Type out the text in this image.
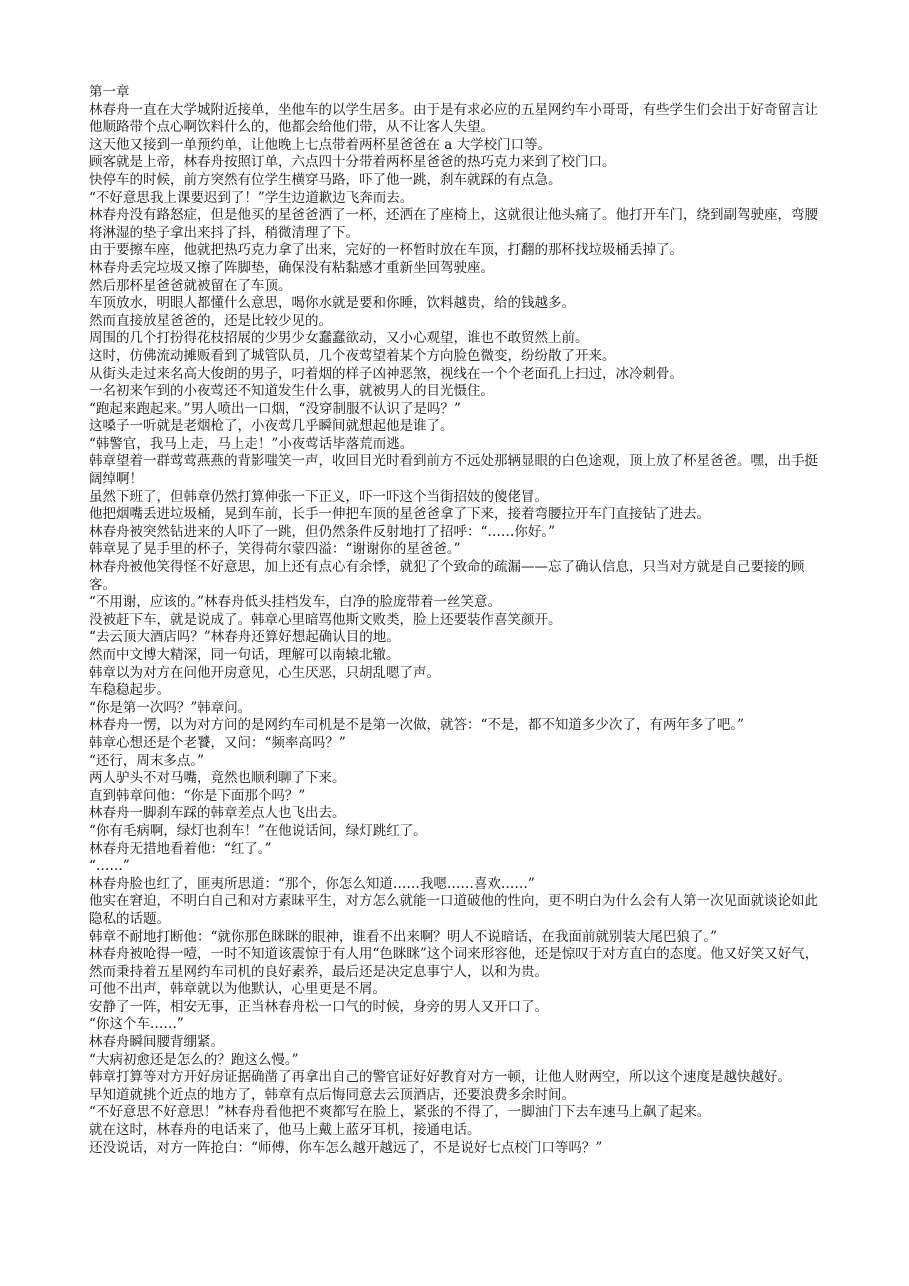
第一章

林春舟一直在大学城附近接单，坐他车的以学生居多。由于是有求必应的五星网约车小哥哥，有些学生们会出于好奇留言让他顺路带个点心啊饮料什么的，他都会给他们带，从不让客人失望。

这天他又接到一单预约单，让他晚上七点带着两杯星爸爸在 a 大学校门口等。

顾客就是上帝，林春舟按照订单，六点四十分带着两杯星爸爸的热巧克力来到了校门口。

快停车的时候，前方突然有位学生横穿马路，吓了他一跳，刹车就踩的有点急。

“不好意思我上课要迟到了！”学生边道歉边飞奔而去。

林春舟没有路怒症，但是他买的星爸爸洒了一杯，还洒在了座椅上，这就很让他头痛了。他打开车门，绕到副驾驶座，弯腰将淋湿的垫子拿出来抖了抖，稍微清理了下。

由于要擦车座，他就把热巧克力拿了出来，完好的一杯暂时放在车顶，打翻的那杯找垃圾桶丢掉了。

林春舟丢完垃圾又擦了阵脚垫，确保没有粘黏感才重新坐回驾驶座。

然后那杯星爸爸就被留在了车顶。

车顶放水，明眼人都懂什么意思，喝你水就是要和你睡，饮料越贵，给的钱越多。

然而直接放星爸爸的，还是比较少见的。

周围的几个打扮得花枝招展的少男少女蠢蠢欲动，又小心观望，谁也不敢贸然上前。

这时，仿佛流动摊贩看到了城管队员，几个夜莺望着某个方向脸色微变，纷纷散了开来。

从街头走过来名高大俊朗的男子，叼着烟的样子凶神恶煞，视线在一个个老面孔上扫过，冰冷刺骨。

一名初来乍到的小夜莺还不知道发生什么事，就被男人的目光慑住。

“跑起来跑起来。”男人喷出一口烟，“没穿制服不认识了是吗？”

这嗓子一听就是老烟枪了，小夜莺几乎瞬间就想起他是谁了。

“韩警官，我马上走，马上走！”小夜莺话毕落荒而逃。

韩章望着一群莺莺燕燕的背影嗤笑一声，收回目光时看到前方不远处那辆显眼的白色途观，顶上放了杯星爸爸。嘿，出手挺阔绰啊！

虽然下班了，但韩章仍然打算伸张一下正义，吓一吓这个当街招妓的傻佬冒。

他把烟嘴丢进垃圾桶，晃到车前，长手一伸把车顶的星爸爸拿了下来，接着弯腰拉开车门直接钻了进去。

林春舟被突然钻进来的人吓了一跳，但仍然条件反射地打了招呼：“……你好。”

韩章晃了晃手里的杯子，笑得荷尔蒙四溢：“谢谢你的星爸爸。”

林春舟被他笑得怪不好意思，加上还有点心有余悸，就犯了个致命的疏漏——忘了确认信息，只当对方就是自己要接的顾客。

“不用谢，应该的。”林春舟低头挂档发车，白净的脸庞带着一丝笑意。

没被赶下车，就是说成了。韩章心里暗骂他斯文败类，脸上还要装作喜笑颜开。

“去云顶大酒店吗？”林春舟还算好想起确认目的地。

然而中文博大精深，同一句话，理解可以南辕北辙。

韩章以为对方在问他开房意见，心生厌恶，只胡乱嗯了声。

车稳稳起步。

“你是第一次吗？”韩章问。

林春舟一愣，以为对方问的是网约车司机是不是第一次做，就答：“不是，都不知道多少次了，有两年多了吧。”

韩章心想还是个老饕，又问：“频率高吗？”

“还行，周末多点。”

两人驴头不对马嘴，竟然也顺利聊了下来。

直到韩章问他：“你是下面那个吗？”

林春舟一脚刹车踩的韩章差点人也飞出去。

“你有毛病啊，绿灯也刹车！”在他说话间，绿灯跳红了。

林春舟无措地看着他：“红了。”

“……”

林春舟脸也红了，匪夷所思道：“那个，你怎么知道……我嗯……喜欢……”

他实在窘迫，不明白自己和对方素昧平生，对方怎么就能一口道破他的性向，更不明白为什么会有人第一次见面就谈论如此隐私的话题。

韩章不耐地打断他：“就你那色眯眯的眼神，谁看不出来啊？明人不说暗话，在我面前就别装大尾巴狼了。”

林春舟被呛得一噎，一时不知道该震惊于有人用“色眯眯”这个词来形容他，还是惊叹于对方直白的态度。他又好笑又好气，然而秉持着五星网约车司机的良好素养，最后还是决定息事宁人，以和为贵。

可他不出声，韩章就以为他默认，心里更是不屑。

安静了一阵，相安无事，正当林春舟松一口气的时候，身旁的男人又开口了。

“你这个车……”

林春舟瞬间腰背绷紧。

“大病初愈还是怎么的？跑这么慢。”

韩章打算等对方开好房证据确凿了再拿出自己的警官证好好教育对方一顿，让他人财两空，所以这个速度是越快越好。

早知道就挑个近点的地方了，韩章有点后悔同意去云顶酒店，还要浪费多余时间。

“不好意思不好意思！”林春舟看他把不爽都写在脸上，紧张的不得了，一脚油门下去车速马上飙了起来。

就在这时，林春舟的电话来了，他马上戴上蓝牙耳机，接通电话。

还没说话，对方一阵抢白：“师傅，你车怎么越开越远了，不是说好七点校门口等吗？”
